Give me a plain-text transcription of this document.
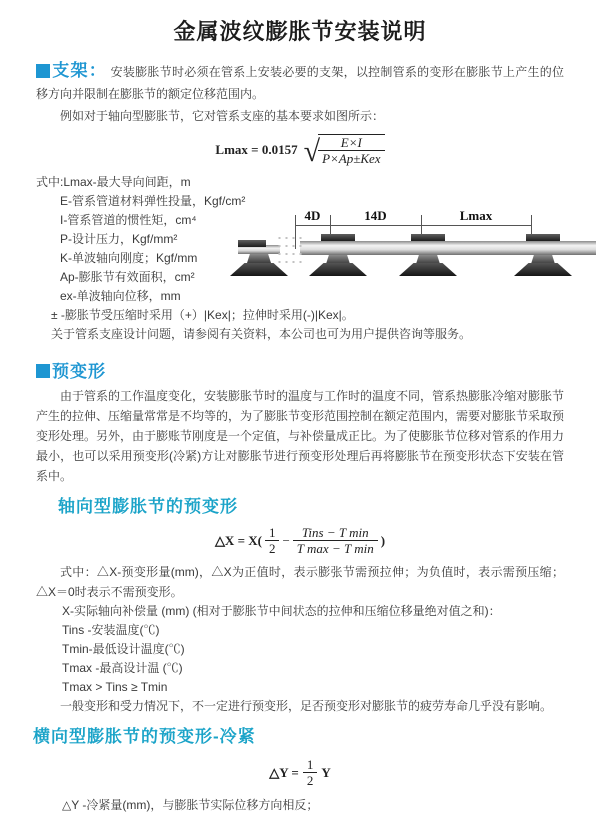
金属波纹膨胀节安装说明

支架： 安装膨胀节时必须在管系上安装必要的支架，以控制管系的变形在膨胀节上产生的位移方向并限制在膨胀节的额定位移范围内。

例如对于轴向型膨胀节，它对管系支座的基本要求如图所示：

Lmax = 0.0157 √
$\frac{E\times I}{\text{P×Ap±Kex}}$
式中:Lmax-最大导向间距，m
E-管系管道材料弹性投量，Kgf/cm²
I-管系管道的惯性矩，cm⁴
P-设计压力，Kgf/mm²
K-单波轴向刚度；Kgf/mm
Ap-膨胀节有效面积，cm²
ex-单波轴向位移，mm
4D	14D	Lmax

± -膨胀节受压缩时采用（+）|Kex|；拉伸时采用(-)|Kex|。

关于管系支座设计问题，请参阅有关资料，本公司也可为用户提供咨询等服务。

预变形

由于管系的工作温度变化，安装膨胀节时的温度与工作时的温度不同，管系热膨胀冷缩对膨胀节产生的拉伸、压缩量常常是不均等的，为了膨胀节变形范围控制在额定范围内，需要对膨胀节采取预变形处理。另外，由于膨账节刚度是一个定值，与补偿量成正比。为了使膨胀节位移对管系的作用力最小，也可以采用预变形(冷紧)方让对膨胀节进行预变形处理后再将膨胀节在预变形状态下安装在管系中。

轴向型膨胀节的预变形
△X = $X( \frac{1}{2} - \frac{\text{Tins − T min}}{\text{T max − T min}}$ )

式中：△X-预变形量(mm)，△X为正值时，表示膨张节需预拉伸；为负值时，表示需预压缩；△X＝0时表示不需预变形。

X-实际轴向补偿量 (mm) (相对于膨胀节中间状态的拉伸和压缩位移量绝对值之和)：

Tins -安装温度(℃)

Tmin-最低设计温度(℃)

Tmax -最高设计温 (℃)

Tmax > Tins ≥ Tmin

一般变形和受力情况下，不一定进行预变形，足否预变形对膨胀节的疲劳寿命几乎没有影响。

横向型膨胀节的预变形-冷紧
△Y = $\frac{1}{2}$ Y

△Y -冷紧量(mm)，与膨胀节实际位移方向相反；
